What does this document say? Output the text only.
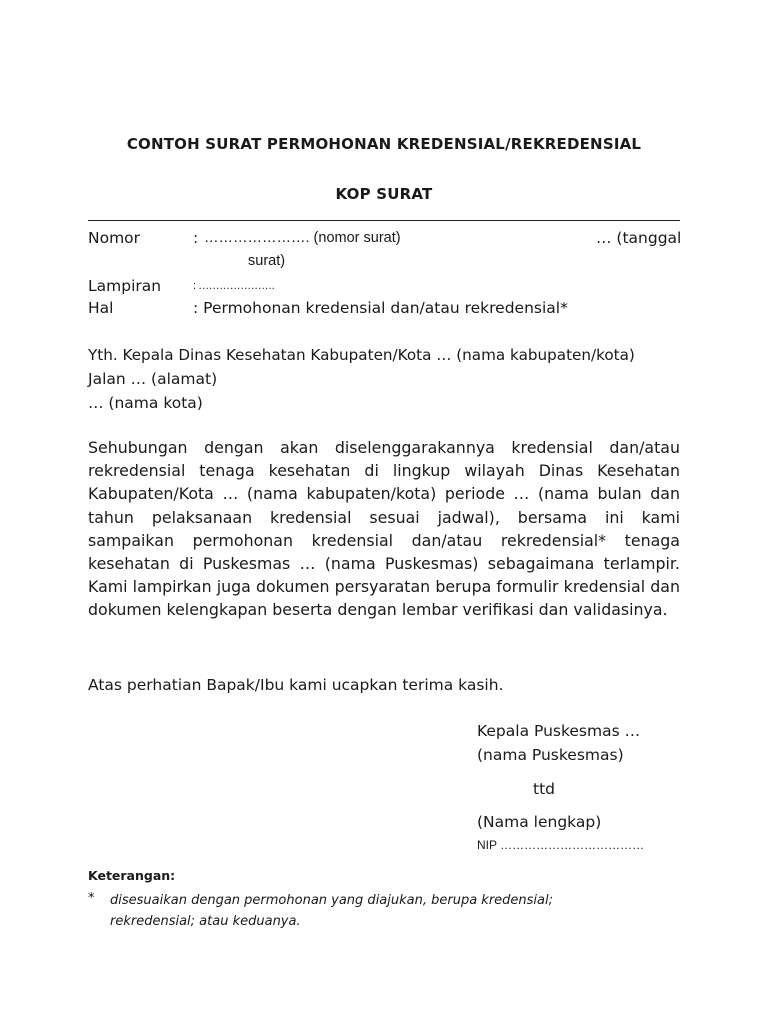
CONTOH SURAT PERMOHONAN KREDENSIAL/REKREDENSIAL
KOP SURAT
Nomor	: …………………. (nomor surat)	… (tanggal
surat)
Lampiran	: ………………….
Hal	: Permohonan kredensial dan/atau rekredensial*
Yth. Kepala Dinas Kesehatan Kabupaten/Kota … (nama kabupaten/kota)
Jalan … (alamat)
… (nama kota)

Sehubungan dengan akan diselenggarakannya kredensial dan/atau rekredensial tenaga kesehatan di lingkup wilayah Dinas Kesehatan Kabupaten/Kota … (nama kabupaten/kota) periode … (nama bulan dan tahun pelaksanaan kredensial sesuai jadwal), bersama ini kami sampaikan permohonan kredensial dan/atau rekredensial* tenaga kesehatan di Puskesmas … (nama Puskesmas) sebagaimana terlampir. Kami lampirkan juga dokumen persyaratan berupa formulir kredensial dan dokumen kelengkapan beserta dengan lembar verifikasi dan validasinya.

Atas perhatian Bapak/Ibu kami ucapkan terima kasih.
Kepala Puskesmas …
(nama Puskesmas)
ttd
(Nama lengkap)
NIP ………………………………
Keterangan:
* disesuaikan dengan permohonan yang diajukan, berupa kredensial; rekredensial; atau keduanya.
